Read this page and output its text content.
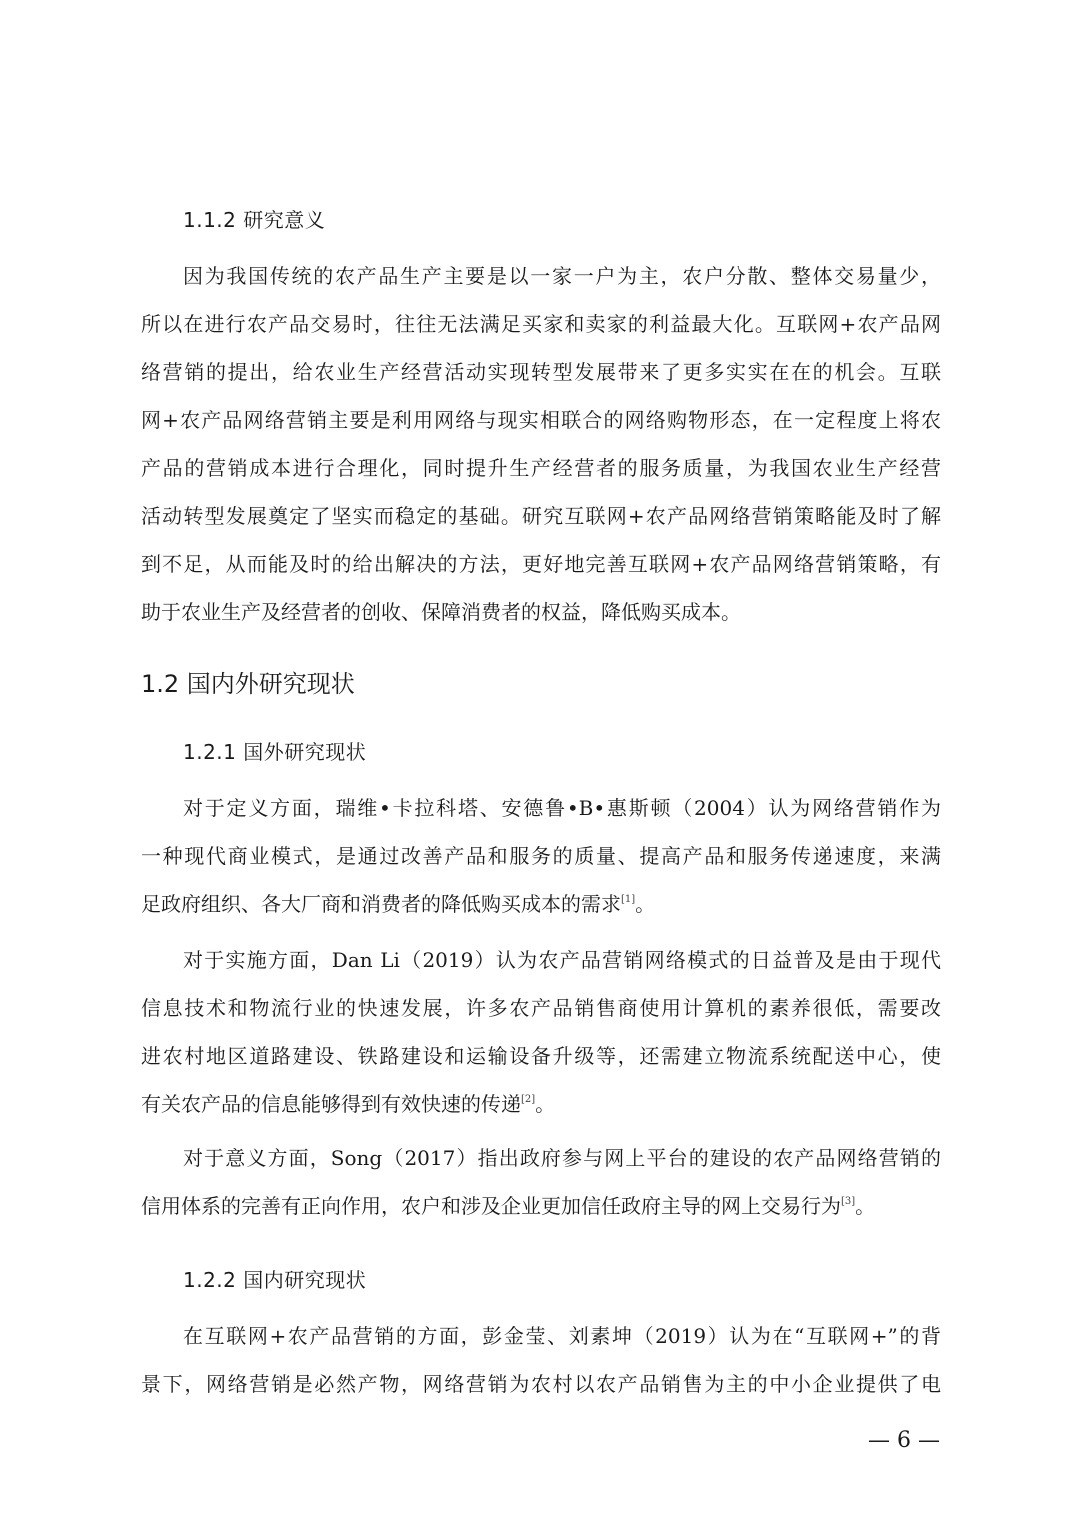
1.1.2 研究意义
因为我国传统的农产品生产主要是以一家一户为主，农户分散、整体交易量少，
所以在进行农产品交易时，往往无法满足买家和卖家的利益最大化。互联网+农产品网
络营销的提出，给农业生产经营活动实现转型发展带来了更多实实在在的机会。互联
网+农产品网络营销主要是利用网络与现实相联合的网络购物形态，在一定程度上将农
产品的营销成本进行合理化，同时提升生产经营者的服务质量，为我国农业生产经营
活动转型发展奠定了坚实而稳定的基础。研究互联网+农产品网络营销策略能及时了解
到不足，从而能及时的给出解决的方法，更好地完善互联网+农产品网络营销策略，有
助于农业生产及经营者的创收、保障消费者的权益，降低购买成本。
1.2 国内外研究现状
1.2.1 国外研究现状
对于定义方面，瑞维•卡拉科塔、安德鲁•B•惠斯顿（2004）认为网络营销作为
一种现代商业模式，是通过改善产品和服务的质量、提高产品和服务传递速度，来满
足政府组织、各大厂商和消费者的降低购买成本的需求[1]。
对于实施方面，Dan Li（2019）认为农产品营销网络模式的日益普及是由于现代
信息技术和物流行业的快速发展，许多农产品销售商使用计算机的素养很低，需要改
进农村地区道路建设、铁路建设和运输设备升级等，还需建立物流系统配送中心，使
有关农产品的信息能够得到有效快速的传递[2]。
对于意义方面，Song（2017）指出政府参与网上平台的建设的农产品网络营销的
信用体系的完善有正向作用，农户和涉及企业更加信任政府主导的网上交易行为[3]。
1.2.2 国内研究现状
在互联网+农产品营销的方面，彭金莹、刘素坤（2019）认为在“互联网+”的背
景下，网络营销是必然产物，网络营销为农村以农产品销售为主的中小企业提供了电
— 6 —
